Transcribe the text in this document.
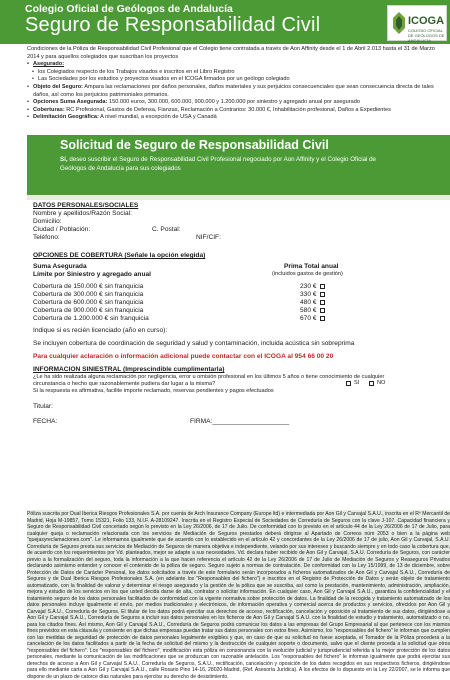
Colegio Oficial de Geólogos de Andalucía
Seguro de Responsabilidad Civil	ICOGA
COLEGIO OFICIAL DE GEÓLOGOS DE ANDALUCÍA
Condiciones de la Póliza de Responsabilidad Civil Profesional que el Colegio tiene contratada a través de Aon Affinity desde el 1 de Abril 2.013 hasta el 31 de Marzo 2014 y para aquellos colegiados que suscriban los proyectos
• Asegurado:
• los Colegiados respecto de los Trabajos visados e inscritos en el Libro Registro
• Las Sociedades por los estudios y proyectos visados en el ICOGA firmados por un geólogo colegiado
• Objeto del Seguro: Ampara las reclamaciones por daños personales, daños materiales y sus perjuicios consecuenciales que sean consecuencia directa de tales daños, así como los perjuicios patrimoniales primarios.
• Opciones Suma Asegurada: 150.000 euros, 300.000, 600.000, 900.000 y 1.200.000 por siniestro y agregado anual por asegurado
• Coberturas: RC Profesional, Gastos de Defensa, Fianzas, Reclamación a Contrarios: 30.000 €, Inhabilitación profesional, Daños a Expedientes
• Delimitación Geográfica: A nivel mundial, a excepción de USA y Canadá
Solicitud de Seguro de Responsabilidad Civil
Sí, deseo suscribir el Seguro de Responsabilidad Civil Profesional negociado por Aon Affinity y el Colegio Oficial de Geólogos de Andalucía para sus colegiados
DATOS PERSONALES/SOCIALES
Nombre y apellidos/Razón Social:
Domicilio:
Ciudad / Población:	C. Postal:
Teléfono:	NIF/CIF:
OPCIONES DE COBERTURA (Señale la opción elegida)
Suma Asegurada
Límite por Siniestro y agregado anual
Prima Total anual
(incluidos gastos de gestión)
Cobertura de 150.000 € sin franquicia	230 €
Cobertura de 300.000 € sin franquicia	330 €
Cobertura de 600.000 € sin franquicia	480 €
Cobertura de 900.000 € sin franquicia	580 €
Cobertura de 1.200.000 € sin franquicia	670 €
Indique si es recién licenciado (año en curso):
Se incluyen cobertura de coordinación de seguridad y salud y contaminación, incluida acústica sin sobreprima
Para cualquier aclaración o información adicional puede contactar con el ICOGA al 954 66 00 20
INFORMACION SINIESTRAL (Imprescindible cumplimentarla)
¿Le ha sido realizada alguna reclamación por negligencia, error u omisión profesional en los últimos 5 años o tiene conocimiento de cualquier
circunstancia o hecho que razonablemente pudiera dar lugar a la misma?	SI	NO
Si la respuesta es afirmativa, facilite importe reclamado, reservas pendientes y pagos efectuados
Titular:
FECHA:	FIRMA:_____________________
Póliza suscrita por Dual Iberica Riesgos Profesionales S.A. por cuenta de Arch Insurance Company (Europe ltd) e intermediada por Aon Gil y Carvajal S.A.U., inscrita en el Rº Mercantil de Madrid, Hoja M-19857, Tomo 15321, Folio 133, N.I.F. A-28109247. Inscrita en el Registro Especial de Sociedades de Correduría de Seguros con la clave J-107. Capacidad financiera y Seguro de Responsabilidad Civil concertado según lo previsto en la Ley 26/2006, de 17 de Julio. De conformidad con lo previsto en el artículo 44 de la Ley 26/2006 de 17 de Julio, para cualquier queja o reclamación relacionada con los servicios de Mediación de Seguros prestados deberá dirigirse al Apartado de Correos núm 2053 o bien a la página web "quejasyreclamaciones.com". Le informamos igualmente que de acuerdo con lo establecido en el artículo 42 y concordantes de la Ley 26/2006 de 17 de julio, Aon Gil y Carvajal, S.A.U. Correduría de Seguros presta sus servicios de Mediación de Seguros de manera objetiva e independiente, velando por sus intereses y buscando siempre y en todo caso la cobertura que, de acuerdo con los requerimientos por Vd. planteados, mejor se adapte a sus necesidades. Vd. declara haber recibido de Aon Gil y Carvajal, S.A.U. Correduría de Seguros, con carácter previo a la formalización del seguro, toda la información a la que hacen referencia el artículo 42 de la Ley 26/2006 de 17 de Julio de Mediación de Seguros y Reaseguros Privados declarando asimismo entender y conocer el contenido de la póliza de seguro. Seguro sujeto a normas de contratación. De conformidad con la Ley 15/1999, de 13 de diciembre, sobre Protección de Datos de Carácter Personal, los datos solicitados a través de este formulario serán incorporados a ficheros automatizados de Aon Gil y Carvajal S.A.U., Correduría de Seguros y de Dual Iberica Riesgos Profesionales S.A. (en adelante los "Responsables del fichero") e inscritos en el Registro de Protección de Datos y serán objeto de tratamiento automatizado, con la finalidad de valorar y determinar el riesgo asegurado y la gestión de la póliza que se suscriba, así como la prestación, mantenimiento, administración, ampliación, mejora y estudio de los servicios en los que usted decida darse de alta, contratar o solicitar información. En cualquier caso, Aon Gil y Carvajal S.A.U., garantiza la confidencialidad y el tratamiento seguro de los datos personales facilitados de conformidad con la vigente normativa sobre protección de datos. La finalidad de la recogida y tratamiento automatizado de los datos personales incluye igualmente el envío, por medios tradicionales y electrónicos, de información operativa y comercial acerca de productos y servicios, ofrecidos por Aon Gil y Carvajal S.A.U., Correduría de Seguros. El titular de los datos podrá ejercitar sus derechos de acceso, rectificación, cancelación y oposición al tratamiento de sus datos, dirigiéndose a Aon Gil y Carvajal S.A.U., Correduría de Seguros a incluir sus datos personales en los ficheros de Aon Gil y Carvajal S.A.U. con la finalidad de estudio y tratamiento, automatizado o no, para los citados fines. Así mismo, Aon Gil y Carvajal S.A.U., Correduría de Seguros podrá comunicar los datos a las empresas del Grupo Empresarial al que pertenece con los mismos fines previstos en esta cláusula y consiente en que dichas empresas puedan tratar sus datos personales con estos fines. Asimismo, los "responsables del fichero" le informan que cumplen con las medidas de seguridad de protección de datos personales legalmente exigibles y que, en caso de que su solicitud no fuese aceptada, el Tomador de la Póliza procederá a la cancelación de los datos facilitados a partir de la fecha de solicitud del mismo y la destrucción de cualquier soporte o documento, salvo que el cliente proceda a la solicitud que otros "responsables del fichero". Los "responsables del fichero", modificación esta póliza en consonancia con la evolución judicial y jurisprudencial referida a la mejor protección de los datos personales, mediante la comunicación de las modificaciones que se produzcan con razonable antelación. Los "responsables del fichero" le informan igualmente que podrá ejercitar sus derechos de acceso a Aon Gil y Carvajal S.A.U., Correduría de Seguros, S.A.U., rectificación, cancelación y oposición de los datos recogidos en sus respectivos ficheros, dirigiéndose para ello mediante carta a Aon Gil y Carvajal S.A.U., calle Rosario Pino 14-16, 28020-Madrid, (Ref. Asesoría Jurídica). A los efectos de lo dispuesto en la Ley 22/2007, se le informa que dispone de un plazo de catorce días naturales para ejercitar su derecho de desistimiento.
